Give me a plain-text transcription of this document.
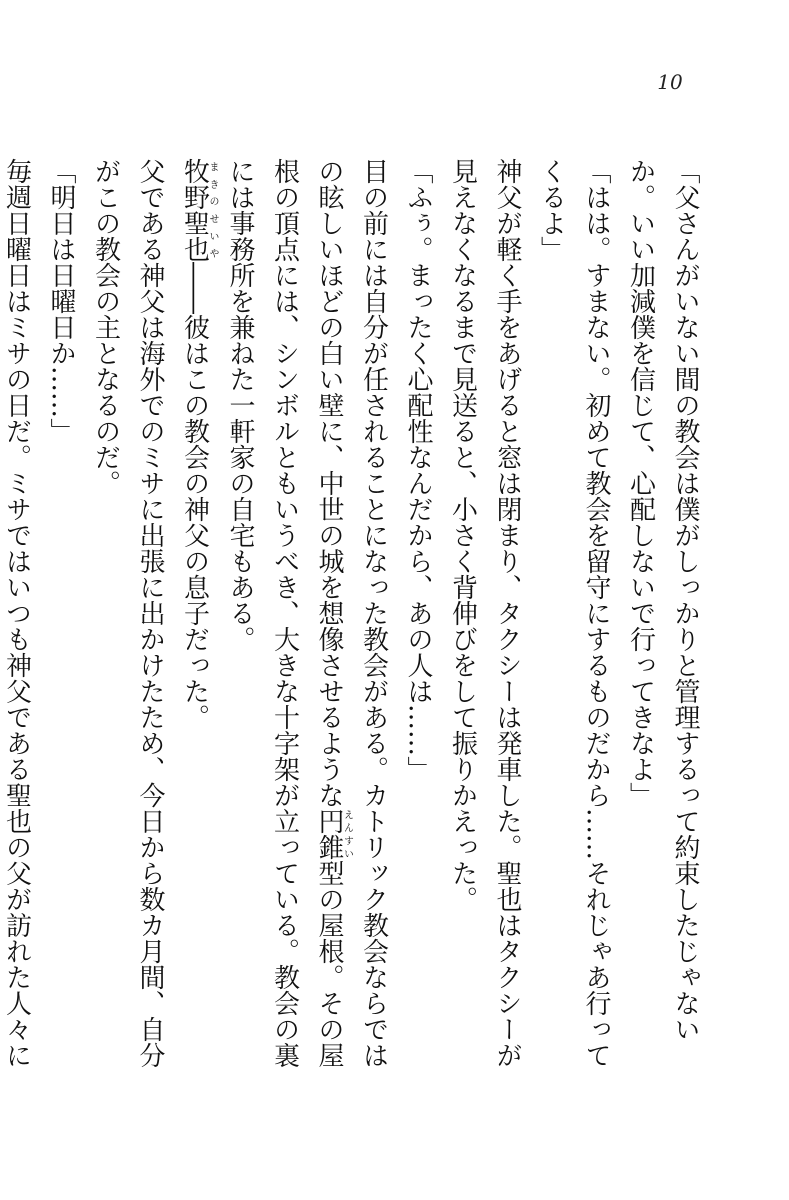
10

「父さんがいない間の教会は僕がしっかりと管理するって約束したじゃないか。いい加減僕を信じて、心配しないで行ってきなよ」

「はは。すまない。初めて教会を留守にするものだから……それじゃあ行ってくるよ」

神父が軽く手をあげると窓は閉まり、タクシーは発車した。聖也はタクシーが見えなくなるまで見送ると、小さく背伸びをして振りかえった。

「ふぅ。まったく心配性なんだから、あの人は……」

目の前には自分が任されることになった教会がある。カトリック教会ならではの眩しいほどの白い壁に、中世の城を想像させるような円錐えんすい型の屋根。その屋根の頂点には、シンボルともいうべき、大きな十字架が立っている。教会の裏には事務所を兼ねた一軒家の自宅もある。

牧野まきの聖也せいや――彼はこの教会の神父の息子だった。

父である神父は海外でのミサに出張に出かけたため、今日から数カ月間、自分がこの教会の主となるのだ。

「明日は日曜日か……」

毎週日曜日はミサの日だ。ミサではいつも神父である聖也の父が訪れた人々に
